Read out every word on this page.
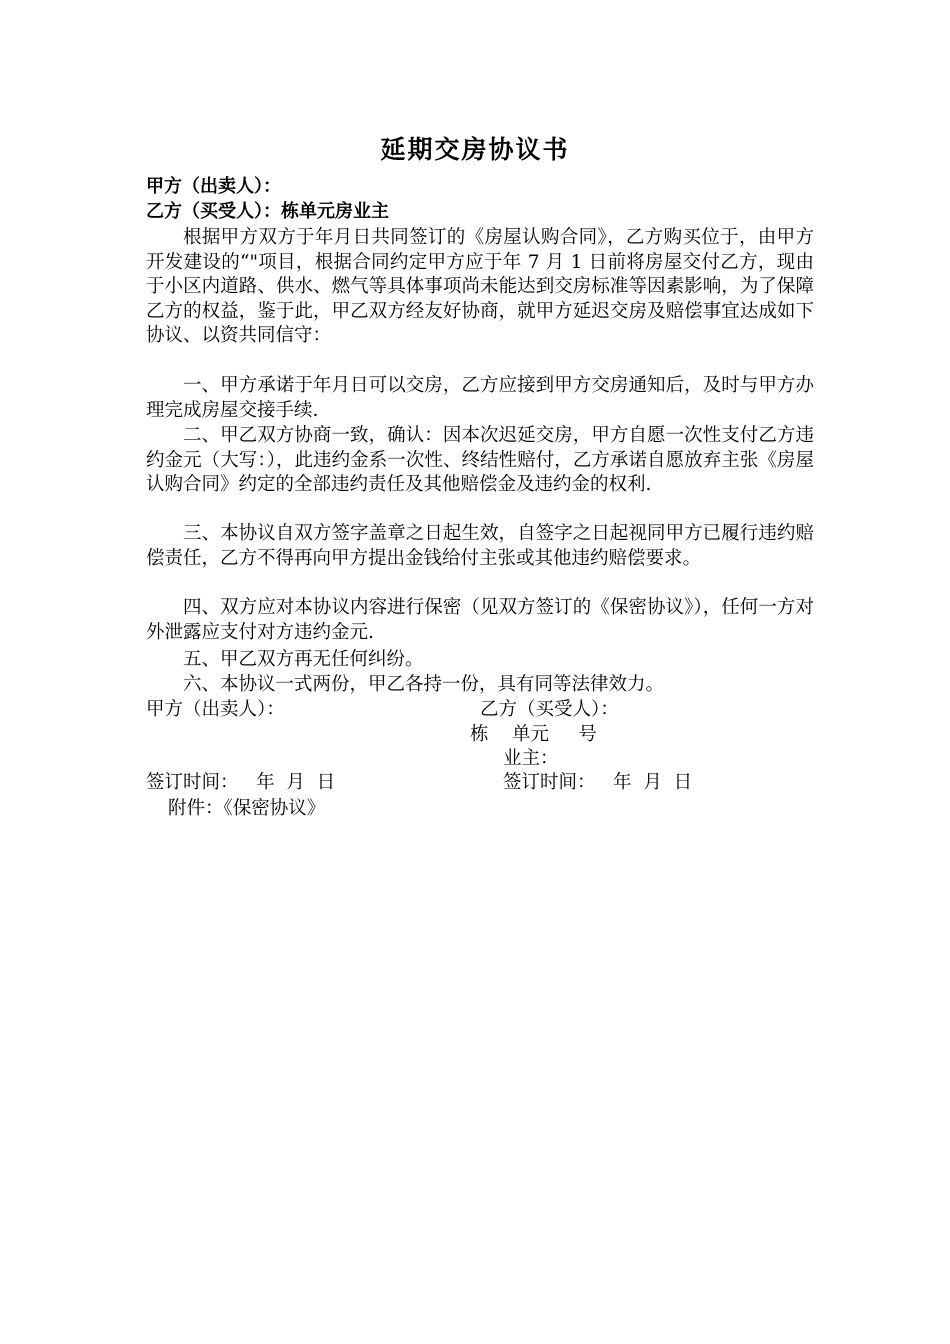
延期交房协议书
甲方（出卖人）：
乙方（买受人）：栋单元房业主
根据甲方双方于年月日共同签订的《房屋认购合同》，乙方购买位于，由甲方开发建设的“"项目，根据合同约定甲方应于年 7 月 1 日前将房屋交付乙方，现由于小区内道路、供水、燃气等具体事项尚未能达到交房标准等因素影响，为了保障乙方的权益，鉴于此，甲乙双方经友好协商，就甲方延迟交房及赔偿事宜达成如下协议、以资共同信守：
一、甲方承诺于年月日可以交房，乙方应接到甲方交房通知后，及时与甲方办理完成房屋交接手续.
二、甲乙双方协商一致，确认：因本次迟延交房，甲方自愿一次性支付乙方违约金元（大写：），此违约金系一次性、终结性赔付，乙方承诺自愿放弃主张《房屋认购合同》约定的全部违约责任及其他赔偿金及违约金的权利.
三、本协议自双方签字盖章之日起生效，自签字之日起视同甲方已履行违约赔偿责任，乙方不得再向甲方提出金钱给付主张或其他违约赔偿要求。
四、双方应对本协议内容进行保密（见双方签订的《保密协议》），任何一方对外泄露应支付对方违约金元.
五、甲乙双方再无任何纠纷。
六、本协议一式两份，甲乙各持一份，具有同等法律效力。
甲方（出卖人）：	乙方（买受人）：
栋    单元     号
业主：
签订时间：   年  月  日	签订时间：   年  月  日
附件：《保密协议》
